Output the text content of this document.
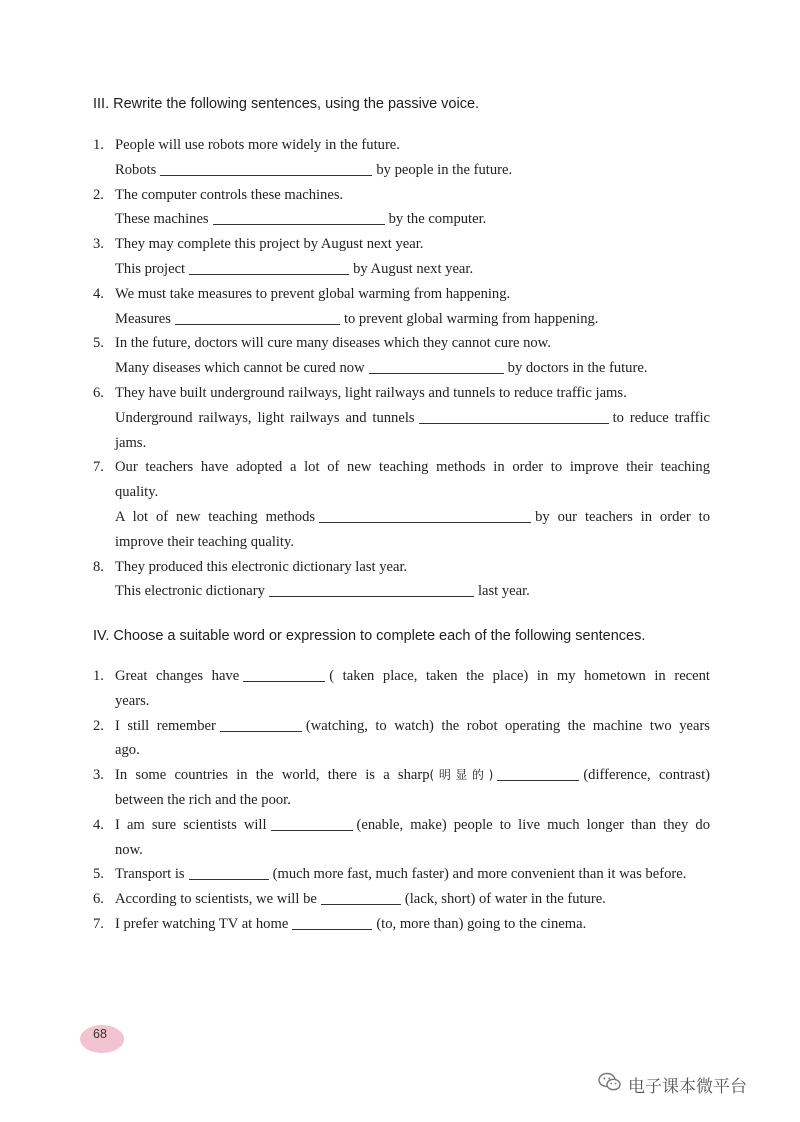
III. Rewrite the following sentences, using the passive voice.
1. People will use robots more widely in the future.
Robots	by people in the future.
2. The computer controls these machines.
These machines	by the computer.
3. They may complete this project by August next year.
This project	by August next year.
4. We must take measures to prevent global warming from happening.
Measures	to prevent global warming from happening.
5. In the future, doctors will cure many diseases which they cannot cure now.
Many diseases which cannot be cured now	by doctors in the future.
6. They have built underground railways, light railways and tunnels to reduce traffic jams.
Underground railways, light railways and tunnels	to reduce traffic
jams.
7. Our teachers have adopted a lot of new teaching methods in order to improve their teaching
quality.
A lot of new teaching methods	by our teachers in order to
improve their teaching quality.
8. They produced this electronic dictionary last year.
This electronic dictionary	last year.
IV. Choose a suitable word or expression to complete each of the following sentences.
1. Great changes have	( taken place, taken the place) in my hometown in recent
years.
2. I still remember	(watching, to watch) the robot operating the machine two years
ago.
3. In some countries in the world, there is a sharp(明显的)	(difference, contrast)
between the rich and the poor.
4. I am sure scientists will	(enable, make) people to live much longer than they do
now.
5. Transport is	(much more fast, much faster) and more convenient than it was before.
6. According to scientists, we will be	(lack, short) of water in the future.
7. I prefer watching TV at home	(to, more than) going to the cinema.
68
电子课本微平台
